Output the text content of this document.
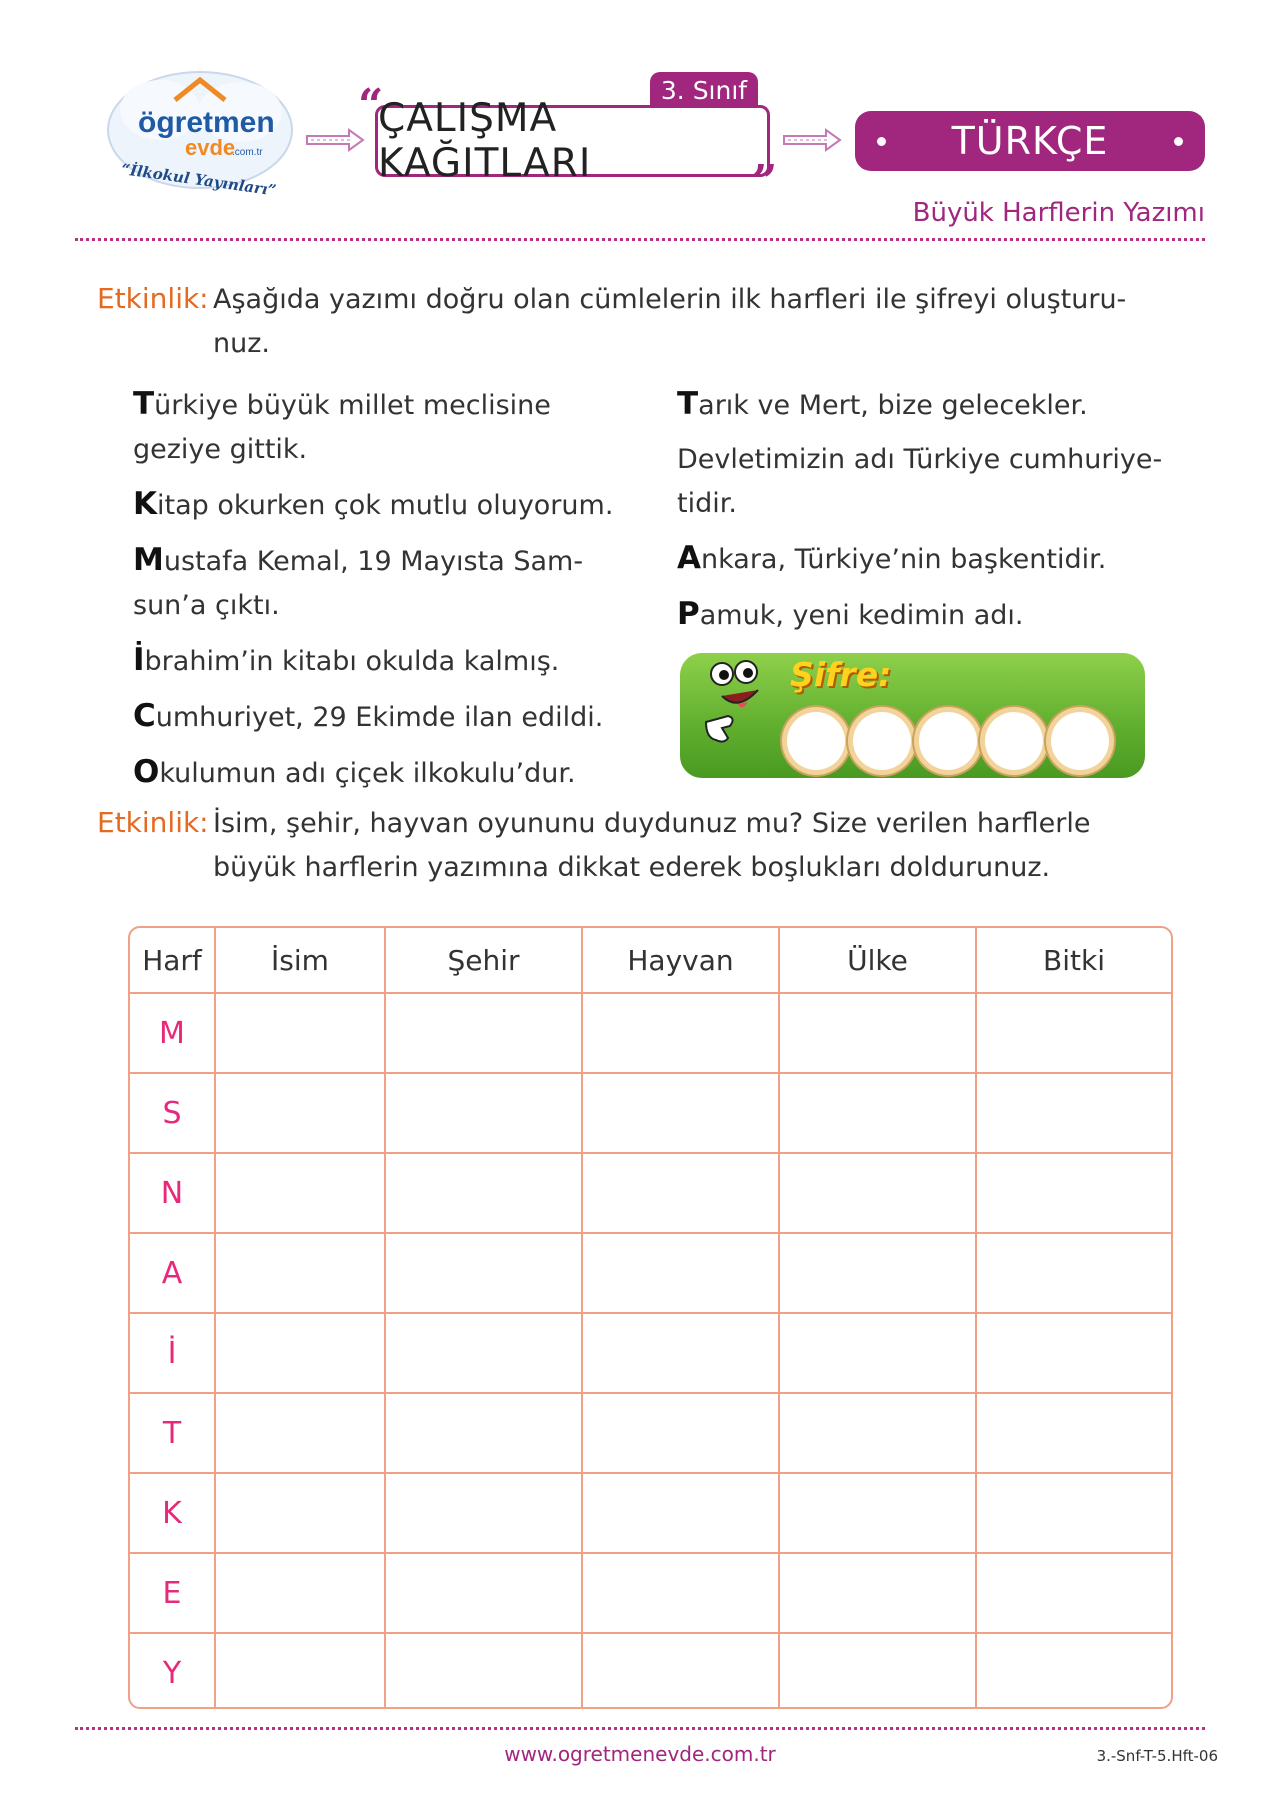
ögretmen
evde
.com.tr
“İlkokul Yayınları”
3. Sınıf
ÇALIŞMA KAĞITLARI
“
”
TÜRKÇE
Büyük Harflerin Yazımı
Etkinlik: Aşağıda yazımı doğru olan cümlelerin ilk harfleri ile şifreyi oluşturu-
nuz.
Türkiye büyük millet meclisine
geziye gittik.
Kitap okurken çok mutlu oluyorum.
Mustafa Kemal, 19 Mayısta Sam-
sun’a çıktı.
İbrahim’in kitabı okulda kalmış.
Cumhuriyet, 29 Ekimde ilan edildi.
Okulumun adı çiçek ilkokulu’dur.
Tarık ve Mert, bize gelecekler.
Devletimizin adı Türkiye cumhuriye-
tidir.
Ankara, Türkiye’nin başkentidir.
Pamuk, yeni kedimin adı.
Şifre:
Etkinlik: İsim, şehir, hayvan oyununu duydunuz mu? Size verilen harflerle
büyük harflerin yazımına dikkat ederek boşlukları doldurunuz.
Harf	İsim	Şehir	Hayvan	Ülke	Bitki
M					
S					
N					
A					
İ					
T					
K					
E					
Y					
www.ogretmenevde.com.tr	3.-Snf-T-5.Hft-06
